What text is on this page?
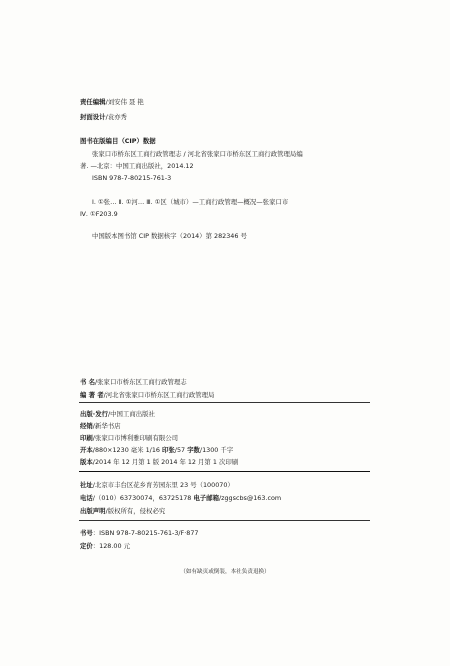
责任编辑/刘安伟 聂 艳
封面设计/袁亦秀
图书在版编目（CIP）数据
张家口市桥东区工商行政管理志 / 河北省张家口市桥东区工商行政管理局编
著. —北京：中国工商出版社，2014.12
ISBN 978-7-80215-761-3
Ⅰ. ①张… Ⅱ. ①河… Ⅲ. ①区（城市）—工商行政管理—概况—张家口市
Ⅳ. ①F203.9
中国版本图书馆 CIP 数据核字（2014）第 282346 号
书 名/张家口市桥东区工商行政管理志
编 著 者/河北省张家口市桥东区工商行政管理局
出版·发行/中国工商出版社
经销/新华书店
印刷/张家口市博利雅印刷有限公司
开本/880×1230 毫米 1/16 印张/57 字数/1300 千字
版本/2014 年 12 月第 1 版 2014 年 12 月第 1 次印刷
社址/北京市丰台区花乡育芳园东里 23 号（100070）
电话/（010）63730074，63725178 电子邮箱/zggscbs@163.com
出版声明/版权所有，侵权必究
书号：ISBN 978-7-80215-761-3/F·877
定价：128.00 元
（如有缺页或倒装，本社负责退换）
